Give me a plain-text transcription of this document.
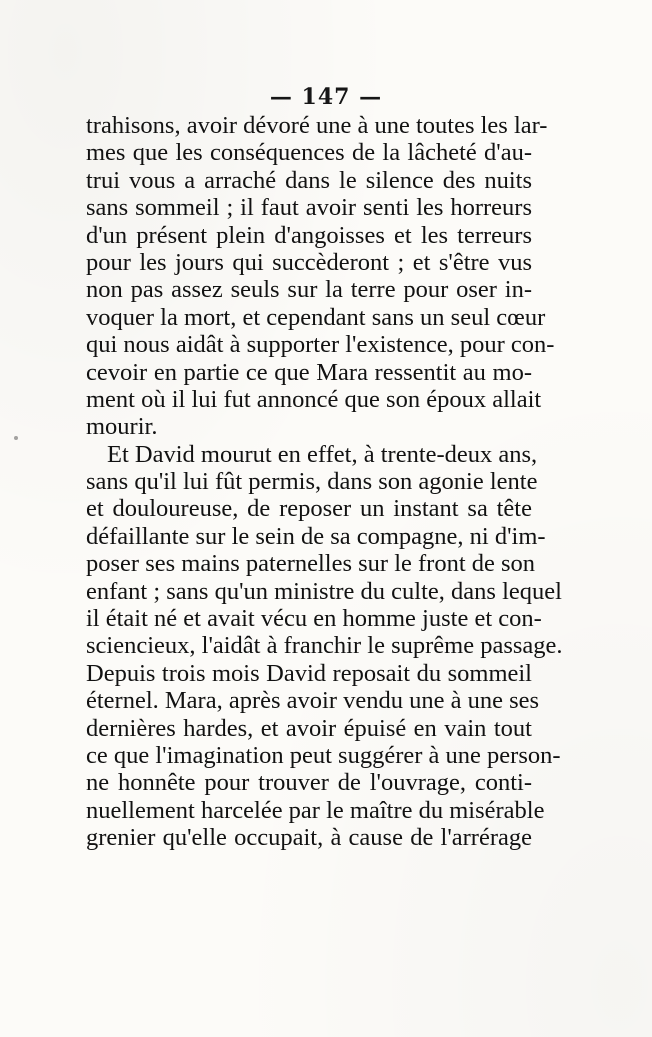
— 147 —
trahisons, avoir dévoré une à une toutes les lar-
mes que les conséquences de la lâcheté d'au-
trui vous a arraché dans le silence des nuits
sans sommeil ; il faut avoir senti les horreurs
d'un présent plein d'angoisses et les terreurs
pour les jours qui succèderont ; et s'être vus
non pas assez seuls sur la terre pour oser in-
voquer la mort, et cependant sans un seul cœur
qui nous aidât à supporter l'existence, pour con-
cevoir en partie ce que Mara ressentit au mo-
ment où il lui fut annoncé que son époux allait
mourir.
Et David mourut en effet, à trente-deux ans,
sans qu'il lui fût permis, dans son agonie lente
et douloureuse, de reposer un instant sa tête
défaillante sur le sein de sa compagne, ni d'im-
poser ses mains paternelles sur le front de son
enfant ; sans qu'un ministre du culte, dans lequel
il était né et avait vécu en homme juste et con-
sciencieux, l'aidât à franchir le suprême passage.
Depuis trois mois David reposait du sommeil
éternel. Mara, après avoir vendu une à une ses
dernières hardes, et avoir épuisé en vain tout
ce que l'imagination peut suggérer à une person-
ne honnête pour trouver de l'ouvrage, conti-
nuellement harcelée par le maître du misérable
grenier qu'elle occupait, à cause de l'arrérage
